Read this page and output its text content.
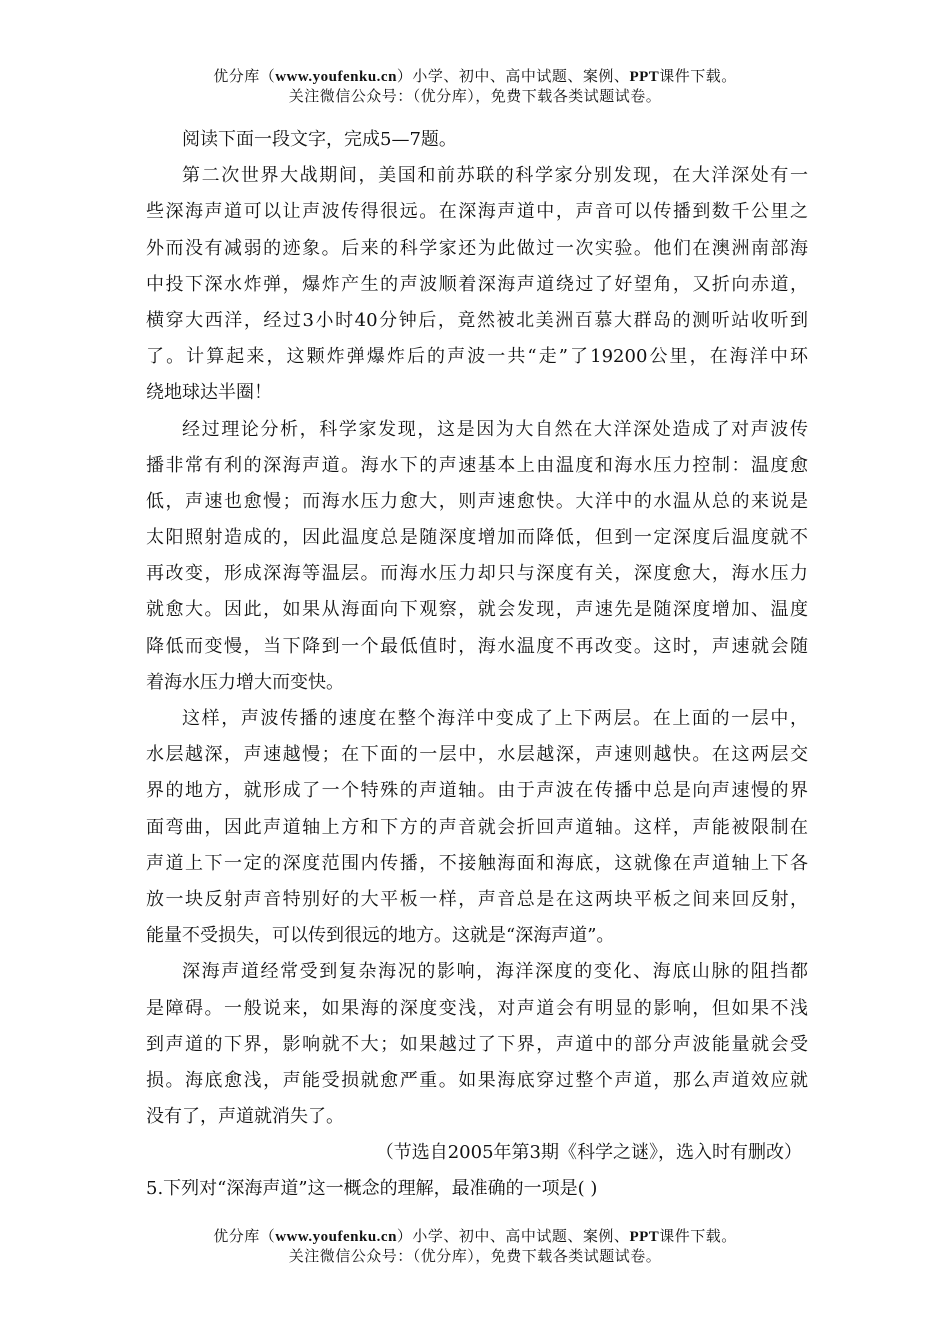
优分库（www.youfenku.cn）小学、初中、高中试题、案例、PPT课件下载。
关注微信公众号：（优分库），免费下载各类试题试卷。
阅读下面一段文字，完成5—7题。
第二次世界大战期间，美国和前苏联的科学家分别发现，在大洋深处有一
些深海声道可以让声波传得很远。在深海声道中，声音可以传播到数千公里之
外而没有减弱的迹象。后来的科学家还为此做过一次实验。他们在澳洲南部海
中投下深水炸弹，爆炸产生的声波顺着深海声道绕过了好望角，又折向赤道，
横穿大西洋，经过3小时40分钟后，竟然被北美洲百慕大群岛的测听站收听到
了。计算起来，这颗炸弹爆炸后的声波一共“走”了19200公里，在海洋中环
绕地球达半圈！
经过理论分析，科学家发现，这是因为大自然在大洋深处造成了对声波传
播非常有利的深海声道。海水下的声速基本上由温度和海水压力控制：温度愈
低，声速也愈慢；而海水压力愈大，则声速愈快。大洋中的水温从总的来说是
太阳照射造成的，因此温度总是随深度增加而降低，但到一定深度后温度就不
再改变，形成深海等温层。而海水压力却只与深度有关，深度愈大，海水压力
就愈大。因此，如果从海面向下观察，就会发现，声速先是随深度增加、温度
降低而变慢，当下降到一个最低值时，海水温度不再改变。这时，声速就会随
着海水压力增大而变快。
这样，声波传播的速度在整个海洋中变成了上下两层。在上面的一层中，
水层越深，声速越慢；在下面的一层中，水层越深，声速则越快。在这两层交
界的地方，就形成了一个特殊的声道轴。由于声波在传播中总是向声速慢的界
面弯曲，因此声道轴上方和下方的声音就会折回声道轴。这样，声能被限制在
声道上下一定的深度范围内传播，不接触海面和海底，这就像在声道轴上下各
放一块反射声音特别好的大平板一样，声音总是在这两块平板之间来回反射，
能量不受损失，可以传到很远的地方。这就是“深海声道”。
深海声道经常受到复杂海况的影响，海洋深度的变化、海底山脉的阻挡都
是障碍。一般说来，如果海的深度变浅，对声道会有明显的影响，但如果不浅
到声道的下界，影响就不大；如果越过了下界，声道中的部分声波能量就会受
损。海底愈浅，声能受损就愈严重。如果海底穿过整个声道，那么声道效应就
没有了，声道就消失了。
（节选自2005年第3期《科学之谜》，选入时有删改）
5.下列对“深海声道”这一概念的理解，最准确的一项是( )
优分库（www.youfenku.cn）小学、初中、高中试题、案例、PPT课件下载。
关注微信公众号：（优分库），免费下载各类试题试卷。
